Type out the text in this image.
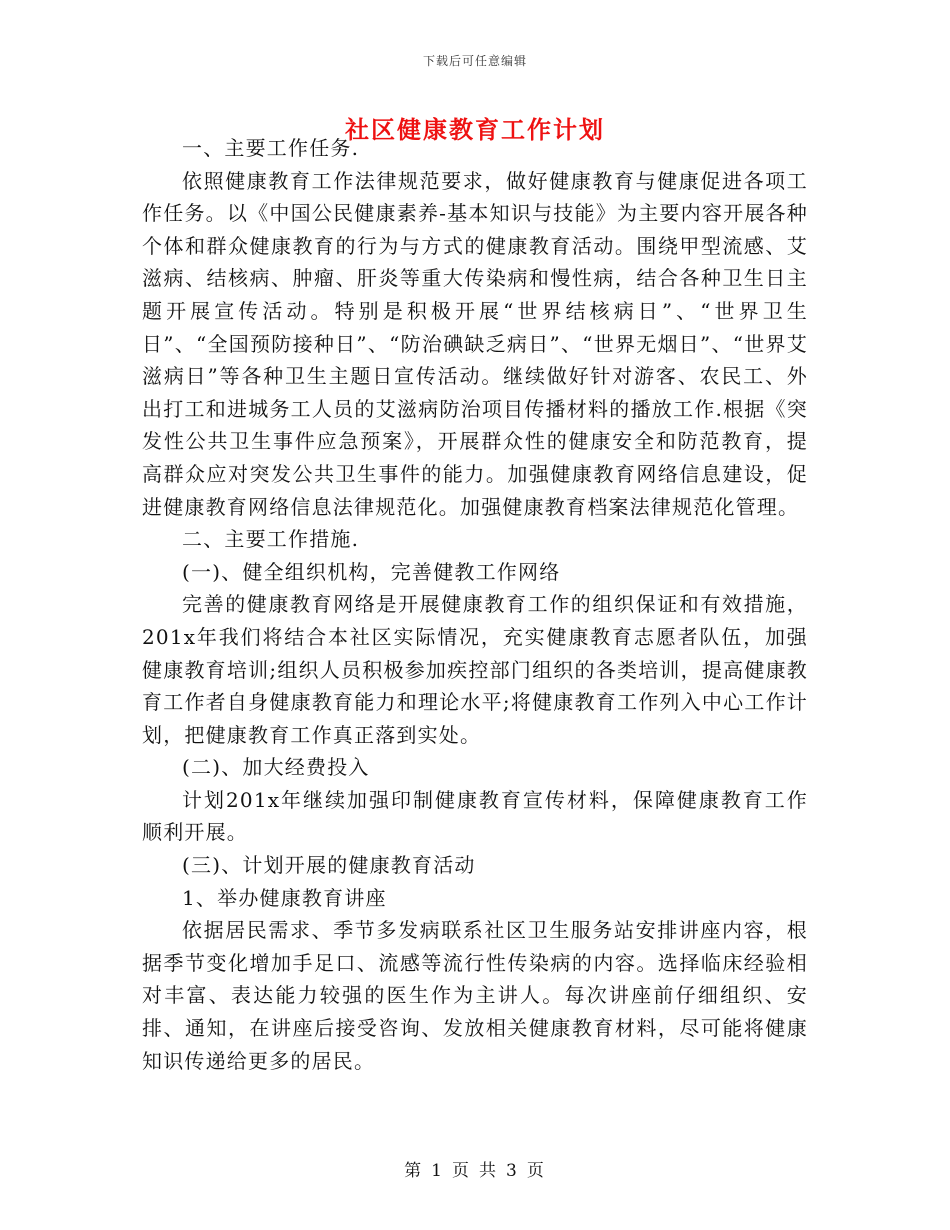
下载后可任意编辑
社区健康教育工作计划

一、主要工作任务.

依照健康教育工作法律规范要求，做好健康教育与健康促进各项工作任务。以《中国公民健康素养-基本知识与技能》为主要内容开展各种个体和群众健康教育的行为与方式的健康教育活动。围绕甲型流感、艾滋病、结核病、肿瘤、肝炎等重大传染病和慢性病，结合各种卫生日主题开展宣传活动。特别是积极开展“世界结核病日”、“世界卫生日”、“全国预防接种日”、“防治碘缺乏病日”、“世界无烟日”、“世界艾滋病日”等各种卫生主题日宣传活动。继续做好针对游客、农民工、外出打工和进城务工人员的艾滋病防治项目传播材料的播放工作.根据《突发性公共卫生事件应急预案》，开展群众性的健康安全和防范教育，提高群众应对突发公共卫生事件的能力。加强健康教育网络信息建设，促进健康教育网络信息法律规范化。加强健康教育档案法律规范化管理。

二、主要工作措施.

(一)、健全组织机构，完善健教工作网络

完善的健康教育网络是开展健康教育工作的组织保证和有效措施，201x年我们将结合本社区实际情况，充实健康教育志愿者队伍，加强健康教育培训;组织人员积极参加疾控部门组织的各类培训，提高健康教育工作者自身健康教育能力和理论水平;将健康教育工作列入中心工作计划，把健康教育工作真正落到实处。

(二)、加大经费投入

计划201x年继续加强印制健康教育宣传材料，保障健康教育工作顺利开展。

(三)、计划开展的健康教育活动

1、举办健康教育讲座

依据居民需求、季节多发病联系社区卫生服务站安排讲座内容，根据季节变化增加手足口、流感等流行性传染病的内容。选择临床经验相对丰富、表达能力较强的医生作为主讲人。每次讲座前仔细组织、安排、通知，在讲座后接受咨询、发放相关健康教育材料，尽可能将健康知识传递给更多的居民。

第 1 页 共 3 页
